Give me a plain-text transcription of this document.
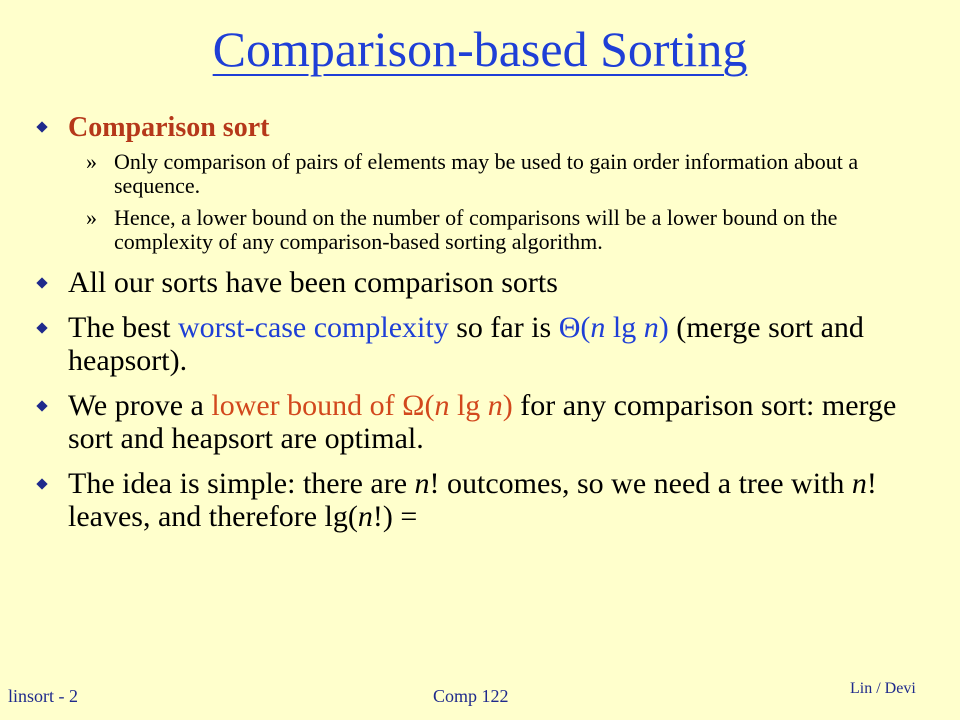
Comparison-based Sorting
Comparison sort
» Only comparison of pairs of elements may be used to gain order information about a sequence.
» Hence, a lower bound on the number of comparisons will be a lower bound on the complexity of any comparison-based sorting algorithm.
All our sorts have been comparison sorts
The best worst-case complexity so far is Θ(n lg n) (merge sort and heapsort).
We prove a lower bound of Ω(n lg n) for any comparison sort: merge sort and heapsort are optimal.
The idea is simple: there are n! outcomes, so we need a tree with n! leaves, and therefore lg(n!) =
linsort - 2	Comp 122	Lin / Devi
